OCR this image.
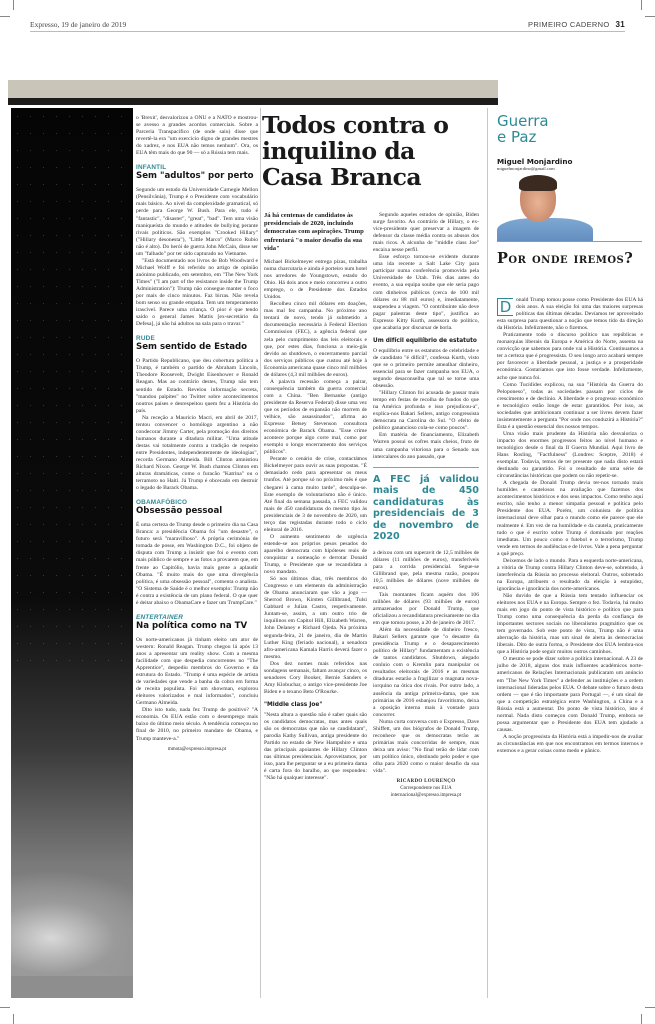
Expresso, 19 de janeiro de 2019	PRIMEIRO CADERNO 31

o 'Brexit', desvalorizou a ONU e a NATO e mostrou-se avesso a grandes acordos comerciais. Sobre a Parceria Transpacífico (de onde saiu) disse que revertê-la era "um exercício digno de grandes mestres do xadrez, e nos EUA não temos nenhum". Ora, os EUA têm mais do que 90 — só a Rússia tem mais.

INFANTIL
Sem "adultos" por perto

Segundo um estudo da Universidade Carnegie Mellon (Pensilvânia), Trump é o Presidente com vocabulário mais básico. Ao nível da complexidade gramatical, só perde para George W. Bush. Para ele, tudo é "fantastic", "disaster", "great", "bad". Tem uma visão maniqueísta do mundo e atitudes de bullying perante rivais políticos. São exemplos "Crooked Hillary" ("Hillary desonesta"), "Little Marco" (Marco Rubio não é alto). Do herói de guerra John McCain, disse ser um "falhado" por ter sido capturado no Vietname.

"Está documentado nos livros de Bob Woodward e Michael Wolff e foi referido no artigo de opinião anónimo publicado, em setembro, em "The New York Times" ("I am part of the resistance inside the Trump Administration"): Trump não consegue manter o foco por mais de cinco minutos. Faz birras. Não revela bom senso ou grande empatia. Tem um temperamento irascível. Parece uma criança. O pior é que tendo saído o general James Mattis [ex-secretário da Defesa], já não há adultos na sala para o travar."

RUDE
Sem sentido de Estado

O Partido Republicano, que deu cobertura política a Trump, é também o partido de Abraham Lincoln, Theodore Roosevelt, Dwight Eisenhower e Ronald Reagan. Mas ao contrário destes, Trump não tem sentido de Estado. Revelou informação secreta, "mandou palpites" no Twitter sobre acontecimentos noutros países e desrespeitou quem fez a História do país.

Na receção a Maurício Macri, em abril de 2017, tentou convencer o homólogo argentino a não condecorar Jimmy Carter, pela promoção dos direitos humanos durante a ditadura militar. "Uma atitude destas vai totalmente contra a tradição de respeito entre Presidentes, independentemente de ideologias", recorda Germano Almeida. Bill Clinton amnistiou Richard Nixon. George W. Bush chamou Clinton em alturas dramáticas, como o furacão "Katrina" ou o terramoto no Haiti. Já Trump é obcecado em destruir o legado de Barack Obama.

OBAMAFÓBICO
Obsessão pessoal

É uma certeza de Trump desde o primeiro dia na Casa Branca: a presidência Obama foi "um desastre", o futuro será "maravilhoso". A própria cerimónia de tomada de posse, em Washington D.C., foi objeto de disputa com Trump a insistir que foi o evento com mais público de sempre e as fotos a provarem que, em frente ao Capitólio, havia mais gente a aplaudir Obama. "É muito mais do que uma divergência política, é uma obsessão pessoal", comenta o analista. "O Sistema de Saúde é o melhor exemplo: Trump não é contra a existência de um plano federal. O que quer é deitar abaixo o ObamaCare e fazer um TrumpCare."

ENTERTAINER
Na política como na TV

Os norte-americanos já tinham eleito um ator de western: Ronald Reagan. Trump chegou lá após 13 anos a apresentar um reality show. Com a mesma facilidade com que despedia concorrentes no "The Apprentice", despediu membros do Governo e da estrutura do Estado. "Trump é uma espécie de artista de variedades que vende a banha da cobra em forma de receita populista. Foi um showman, explorou eleitores valorizados e mal informados", concluiu Germano Almeida.

Dito isto tudo, nada fez Trump de positivo? "A economia. Os EUA estão com o desemprego mais baixo do último meio século. A tendência começou no final de 2010, no primeiro mandato de Obama, e Trump manteve-a."

mmota@expresso.impresa.pt
Todos contra o inquilino da Casa Branca
Já há centenas de candidatos às presidenciais de 2020, incluindo democratas com aspirações. Trump enfrentará "o maior desafio da sua vida"

Michael Bickelmeyer entrega pizas, trabalha numa charcutaria e ainda é porteiro num hotel nos arredores de Youngstown, estado do Ohio. Há dois anos e meio concorreu a outro emprego, o de Presidente dos Estados Unidos.

Recolheu cinco mil dólares em doações, mas mal fez campanha. No próximo ano tentará de novo, tendo já submetido a documentação necessária à Federal Election Commission (FEC), a agência federal que zela pelo cumprimento das leis eleitorais e que, por estes dias, funciona a meio-gás devido ao shutdown, o encerramento parcial dos serviços públicos que custou até hoje à Economia americana quase cinco mil milhões de dólares (4,3 mil milhões de euros).

A palavra recessão começa a pairar, consequência também da guerra comercial com a China. "Ben Bernanke (antigo presidente da Reserva Federal) disse uma vez que os períodos de expansão não morrem de velhice, são assassinados", afirma ao Expresso Betsey Stevenson consultora económica de Barack Obama. "Esse crime acontece porque algo corre mal, como por exemplo o longo encerramento dos serviços públicos".

Perante o cenário de crise, contactámos Bickelmeyer para ouvir as suas propostas. "É demasiado cedo para apresentar os meus trunfos. Até porque só no próximo mês é que chegarei à cama muito tarde", desculpa-se. Este exemplo de voluntarismo não é único. Até final da semana passada, a FEC validou mais de 450 candidaturas do mesmo tipo às presidenciais de 3 de novembro de 2020, um terço das registadas durante todo o ciclo eleitoral de 2016.

O aumento sentimento de urgência estende-se aos próprios pesos pesados do aparelho democrata com hipóteses reais de conquistar a nomeação e derrotar Donald Trump, o Presidente que se recandidata a novo mandato.

Só nos últimos dias, três membros do Congresso e um elemento da administração de Obama anunciaram que vão a jogo — Sherrod Brown, Kirsten Gillibrand, Tulsi Gabbard e Julian Castro, respetivamente. Juntam-se, assim, a um outro trio de inquilinos em Capitol Hill, Elizabeth Warren, John Delaney e Richard Ojeda. Na próxima segunda-feira, 21 de janeiro, dia de Martin Luther King (feriado nacional), a senadora afro-americana Kamala Harris deverá fazer o mesmo.

Dos dez nomes mais referidos nas sondagens semanais, faltam avançar cinco, os senadores Cory Booker, Bernie Sanders e Amy Klobuchar, o antigo vice-presidente Joe Biden e o texano Beto O'Rourke.

"Middle class Joe"

"Nesta altura a questão não é saber quais são os candidatos democratas, mas antes quais são os democratas que não se candidatam", parodia Kathy Sullivan, antiga presidente do Partido no estado de New Hampshire e uma das principais apoiantes de Hillary Clinton nas últimas presidenciais. Aproveitamos, por isso, para lhe perguntar se a eu primeira dama é carta fora do baralho, ao que respondeu: "Não há qualquer interesse".

Segundo aqueles estudos de opinião, Biden surge favorito. Ao contrário de Hillary, o ex-vice-presidente quer preservar a imagem de defensor da classe média contra os abusos dos mais ricos. A alcunha de "middle class Joe" encaixa nesse perfil.

Esse esforço tornou-se evidente durante uma ida recente a Salt Lake City para participar numa conferência promovida pela Universidade de Utah. Três dias antes do evento, a sua equipa soube que ele seria pago com dinheiros públicos (cerca de 100 mil dólares ou 88 mil euros) e, imediatamente, suspendeu a viagem. "O contribuinte não deve pagar palestras deste tipo", justifica ao Expresso Kitty Kurth, assessora do político, que acabaria por discursar de borla.

Um difícil equilíbrio de estatuto

O equilíbrio entre os estatutos de celebridade e de candidato "é difícil", confessa Kurth, visto que se o primeiro permite amealhar dinheiro, essencial para se fazer campanha nos EUA, o segundo desaconselha que tal se torne uma obsessão.

"Hillary Clinton foi acusada de passar mais tempo em festas de recolha de fundos do que na América profunda e isso prejudicou-a", explica-nos Bakari Sellers, antigo congressista democrata na Carolina do Sul. "O efeito de político ganancioso cola-se como poucos".

Em matéria de financiamento, Elizabeth Warren possui os cofres mais cheios, fruto de uma campanha vitoriosa para o Senado nas intercalares do ano passado, que

A FEC já validou mais de 450 candidaturas às presidenciais de 3 de novembro de 2020

a deixou com um superavit de 12,5 milhões de dólares (11 milhões de euros), transferíveis para a corrida presidencial. Segue-se Gillibrand que, pela mesma razão, poupou 10,5 milhões de dólares (nove milhões de euros).

Tais montantes ficam aquém dos 106 milhões de dólares (93 milhões de euros) armazenados por Donald Trump, que oficializou a recandidatura precisamente no dia em que tomou posse, a 20 de janeiro de 2017.

Além da necessidade de dinheiro fresco, Bakari Sellers garante que "o desastre da presidência Trump e o desaparecimento político de Hillary" fundamentam a existência de tantos candidatos. Shutdown, alegado conluio com o Kremlin para manipular os resultados eleitorais de 2016 e as mesmas ditaduras estarão a fragilizar o magnata nova-iorquino na ótica dos rivais. Por outro lado, a ausência da antiga primeira-dama, que nas primárias de 2016 esbanjou favoritismo, deixa a oposição interna mais à vontade para concorrer.

Numa curta conversa com o Expresso, Dave Shiffett, um dos biógrafos de Donald Trump, reconhece que os democratas terão as primárias mais concorridas de sempre, mas deixa um aviso: "No final terão de lidar com um político único, obstinado pelo poder e que olha para 2020 como o maior desafio da sua vida".

RICARDO LOURENÇO
Correspondente nos EUA
internacional@expresso.impresa.pt
Guerra
e Paz
Miguel Monjardino
miguelmonjardino@gmail.com
Por onde iremos?

D onald Trump tomou posse como Presidente dos EUA há dois anos. A sua eleição foi uma das maiores surpresas políticas das últimas décadas. Devíamos ter aproveitado esta surpresa para questionar a noção que temos tido da direção da História. Infelizmente, não o fizemos.

Praticamente todo o discurso político nas repúblicas e monarquias liberais da Europa e América do Norte, assenta na convicção que sabemos para onde vai a História. Continuamos a ter a certeza que é progressista. O seu longo arco acabará sempre por favorecer a liberdade pessoal, a justiça e a prosperidade económica. Gostaríamos que isto fosse verdade. Infelizmente, acho que nunca foi.

Como Tucídides explicou, na sua "História da Guerra do Peloponeso", todas as sociedades passam por ciclos de crescimento e de declínio. A liberdade e o progresso económico e tecnológico estão longe de estar garantidos. Por isso, as sociedades que ambicionam continuar a ser livres devem fazer insistentemente a pergunta "Por onde nos conduzirá a História?" Esta é a questão essencial dos nossos tempos.

Uma visão mais prudente da História não desvaloriza o impacto dos enormes progressos feitos ao nível humano e tecnológico desde o final da II Guerra Mundial. Aqui livro de Hans Rosling, "Factfulness" (Londres: Sceptre, 2018) é exemplar. Todavia, temos de ter presente que nada disto estará destinado ou garantido. Foi o resultado de uma série de circunstâncias históricas que podem ou não repetir-se.

A chegada de Donald Trump devia ter-nos tornado mais humildes e cautelosos na avaliação que fazemos dos acontecimentos históricos e dos seus impactos. Como tenho aqui escrito, não tenho a menor simpatia pessoal e política pelo Presidente dos EUA. Porém, um colunista de política internacional deve olhar para o mundo como ele parece que ele realmente é. Em vez de na humildade e da cautela, praticamente tudo o que é escrito sobre Trump é dominado por reações imediatas. Um pouco como o futebol e o terrorismo, Trump vende em termos de audiências e de livros. Vale a pena perguntar a quê preço.

Deixemos de lado o mundo. Para a esquerda norte-americana, a vitória de Trump contra Hillary Clinton deve-se, sobretudo, à interferência da Rússia no processo eleitoral. Outros, sobretudo na Europa, atribuem o resultado da eleição à estupidez, ignorância e ignorância dos norte-americanos.

Não duvido de que a Rússia tem tentado influenciar os eleitores nos EUA e na Europa. Sempre o fez. Todavia, há muito mais em jogo do ponto de vista histórico e político que para Trump como uma consequência da perda da confiança de importantes sectores sociais no liberalismo pragmático que os tem governado. Sob este ponto de vista, Trump não é uma aberração da história, mas um sinal de alerta às democracias liberais. Dito de outra forma, o Presidente dos EUA lembra-nos que a História pode seguir muitos outros caminhos.

O mesmo se pode dizer sobre a política internacional. A 23 de julho de 2018, alguns dos mais influentes académicos norte-americanos de Relações Internacionais publicaram um anúncio em "The New York Times" a defender as instituições e a ordem internacional lideradas pelos EUA. O debate sobre o futuro desta ordem — que é tão importante para Portugal —, é um sinal de que a competição estratégica entre Washington, a China e a Rússia está a aumentar. Do ponto de vista histórico, isto é normal. Nada disto começou com Donald Trump, embora se possa argumentar que o Presidente dos EUA tem ajudado a causas.

A noção progressista da História está a impedir-nos de avaliar as circunstâncias em que nos encontramos em termos internos e externos e a gerar coisas como medo e pânico.
